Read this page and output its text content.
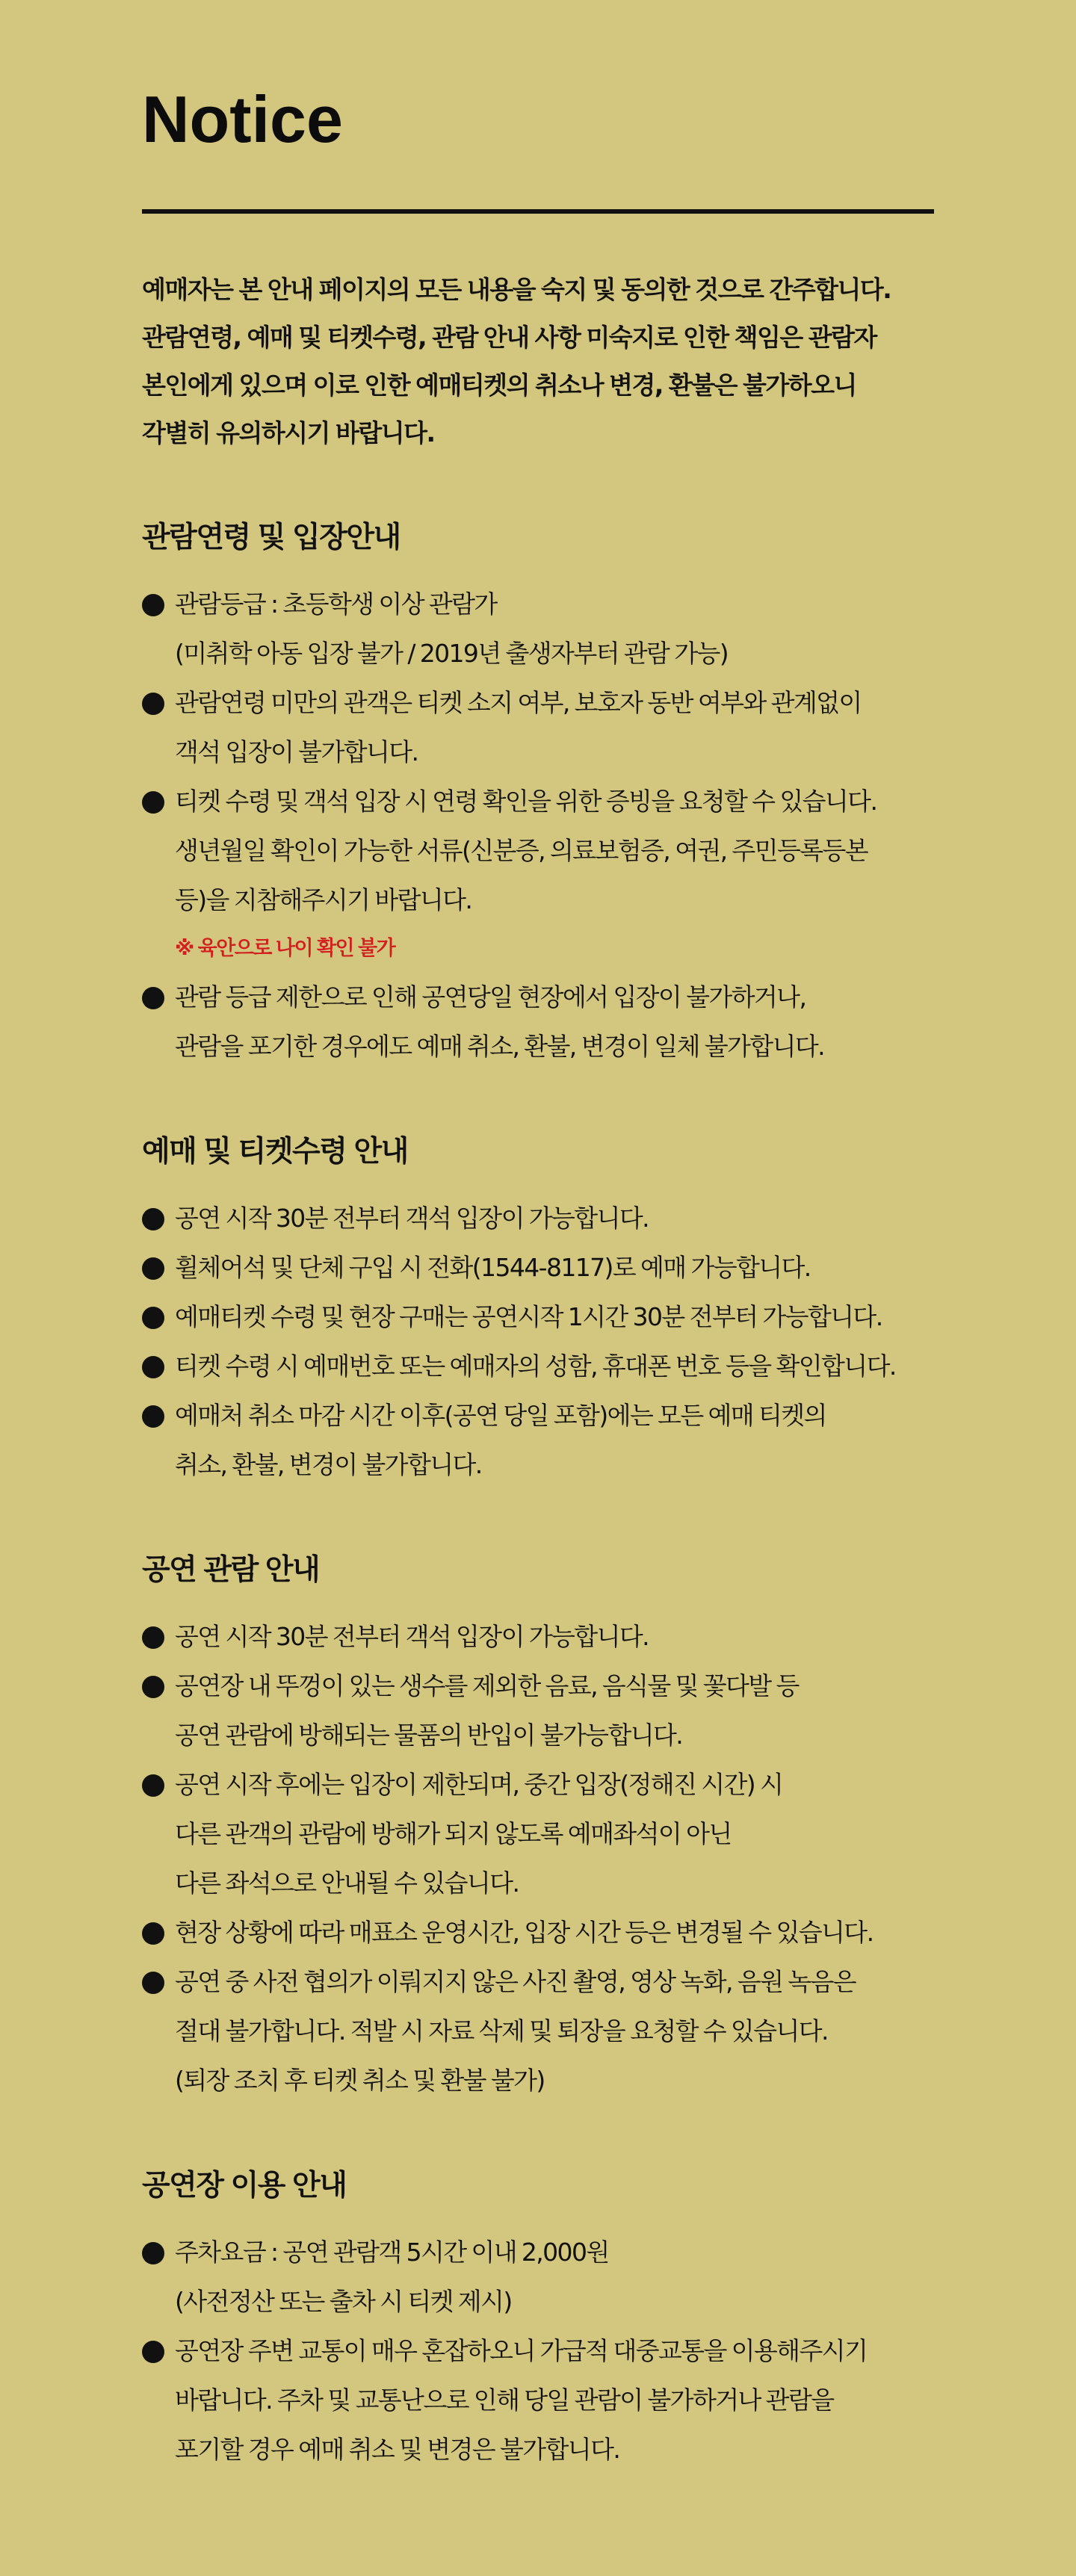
Notice
예매자는 본 안내 페이지의 모든 내용을 숙지 및 동의한 것으로 간주합니다.
관람연령, 예매 및 티켓수령, 관람 안내 사항 미숙지로 인한 책임은 관람자
본인에게 있으며 이로 인한 예매티켓의 취소나 변경, 환불은 불가하오니
각별히 유의하시기 바랍니다.
관람연령 및 입장안내
관람등급 : 초등학생 이상 관람가
(미취학 아동 입장 불가 / 2019년 출생자부터 관람 가능)
관람연령 미만의 관객은 티켓 소지 여부, 보호자 동반 여부와 관계없이
객석 입장이 불가합니다.
티켓 수령 및 객석 입장 시 연령 확인을 위한 증빙을 요청할 수 있습니다.
생년월일 확인이 가능한 서류(신분증, 의료보험증, 여권, 주민등록등본
등)을 지참해주시기 바랍니다.
※ 육안으로 나이 확인 불가
관람 등급 제한으로 인해 공연당일 현장에서 입장이 불가하거나,
관람을 포기한 경우에도 예매 취소, 환불, 변경이 일체 불가합니다.
예매 및 티켓수령 안내
공연 시작 30분 전부터 객석 입장이 가능합니다.
휠체어석 및 단체 구입 시 전화(1544-8117)로 예매 가능합니다.
예매티켓 수령 및 현장 구매는 공연시작 1시간 30분 전부터 가능합니다.
티켓 수령 시 예매번호 또는 예매자의 성함, 휴대폰 번호 등을 확인합니다.
예매처 취소 마감 시간 이후(공연 당일 포함)에는 모든 예매 티켓의
취소, 환불, 변경이 불가합니다.
공연 관람 안내
공연 시작 30분 전부터 객석 입장이 가능합니다.
공연장 내 뚜껑이 있는 생수를 제외한 음료, 음식물 및 꽃다발 등
공연 관람에 방해되는 물품의 반입이 불가능합니다.
공연 시작 후에는 입장이 제한되며, 중간 입장(정해진 시간) 시
다른 관객의 관람에 방해가 되지 않도록 예매좌석이 아닌
다른 좌석으로 안내될 수 있습니다.
현장 상황에 따라 매표소 운영시간, 입장 시간 등은 변경될 수 있습니다.
공연 중 사전 협의가 이뤄지지 않은 사진 촬영, 영상 녹화, 음원 녹음은
절대 불가합니다. 적발 시 자료 삭제 및 퇴장을 요청할 수 있습니다.
(퇴장 조치 후 티켓 취소 및 환불 불가)
공연장 이용 안내
주차요금 : 공연 관람객 5시간 이내 2,000원
(사전정산 또는 출차 시 티켓 제시)
공연장 주변 교통이 매우 혼잡하오니 가급적 대중교통을 이용해주시기
바랍니다. 주차 및 교통난으로 인해 당일 관람이 불가하거나 관람을
포기할 경우 예매 취소 및 변경은 불가합니다.
